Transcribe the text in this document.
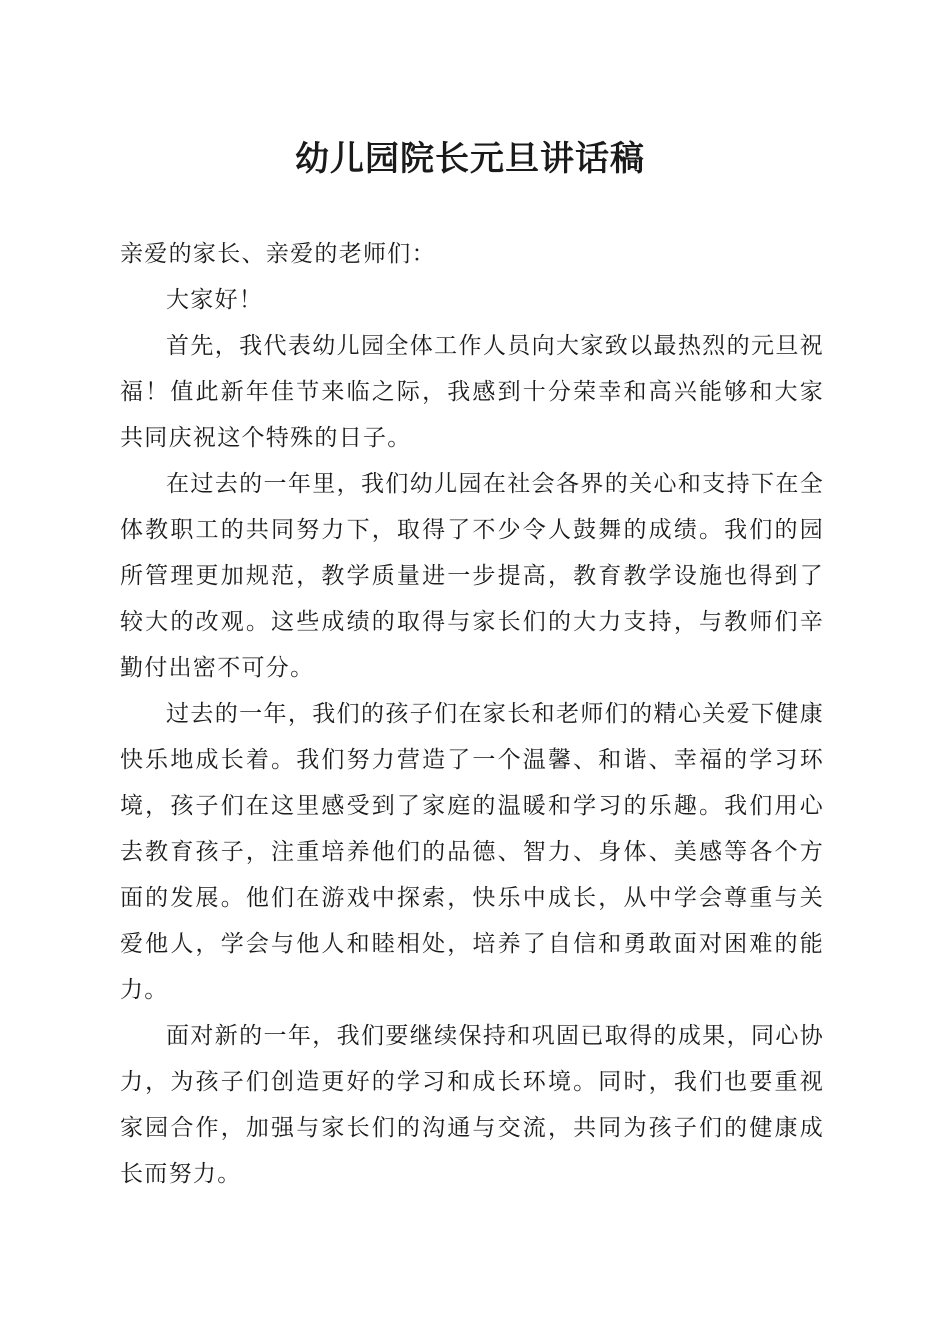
幼儿园院长元旦讲话稿

亲爱的家长、亲爱的老师们：

大家好！

首先，我代表幼儿园全体工作人员向大家致以最热烈的元旦祝福！值此新年佳节来临之际，我感到十分荣幸和高兴能够和大家共同庆祝这个特殊的日子。

在过去的一年里，我们幼儿园在社会各界的关心和支持下在全体教职工的共同努力下，取得了不少令人鼓舞的成绩。我们的园所管理更加规范，教学质量进一步提高，教育教学设施也得到了较大的改观。这些成绩的取得与家长们的大力支持，与教师们辛勤付出密不可分。

过去的一年，我们的孩子们在家长和老师们的精心关爱下健康快乐地成长着。我们努力营造了一个温馨、和谐、幸福的学习环境，孩子们在这里感受到了家庭的温暖和学习的乐趣。我们用心去教育孩子，注重培养他们的品德、智力、身体、美感等各个方面的发展。他们在游戏中探索，快乐中成长，从中学会尊重与关爱他人，学会与他人和睦相处，培养了自信和勇敢面对困难的能力。

面对新的一年，我们要继续保持和巩固已取得的成果，同心协力，为孩子们创造更好的学习和成长环境。同时，我们也要重视家园合作，加强与家长们的沟通与交流，共同为孩子们的健康成长而努力。
